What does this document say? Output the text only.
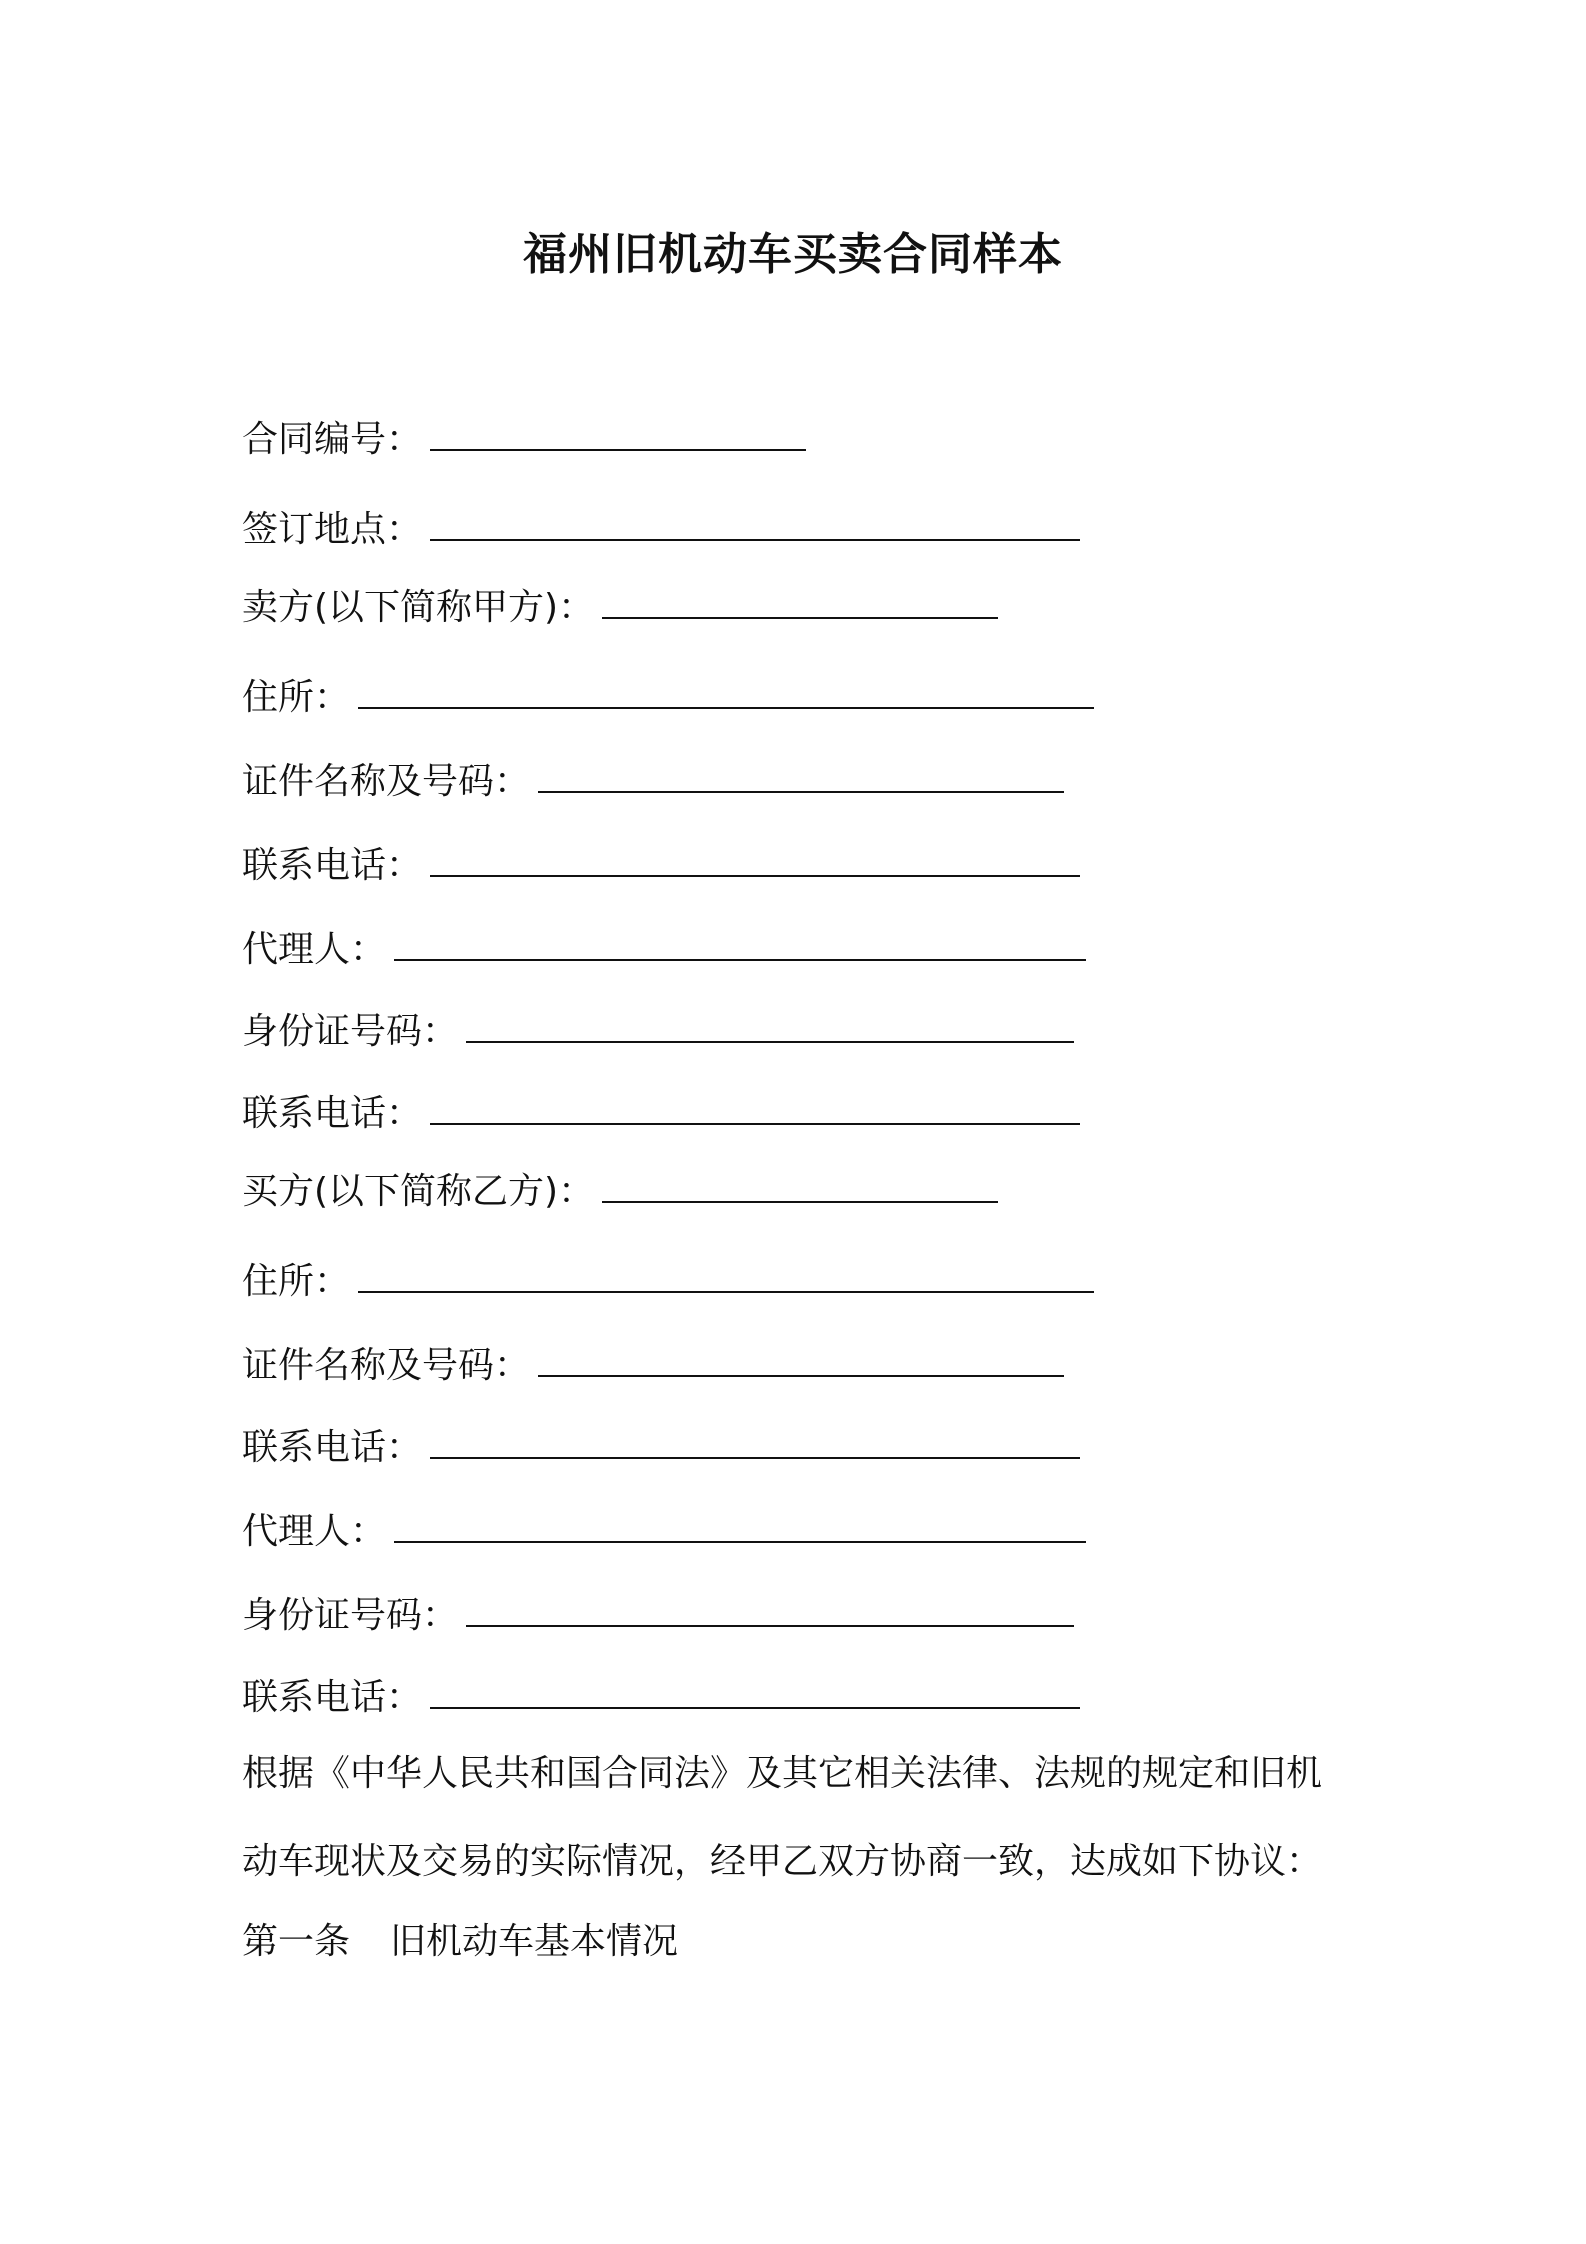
福州旧机动车买卖合同样本
合同编号：
签订地点：
卖方(以下简称甲方)：
住所：
证件名称及号码：
联系电话：
代理人：
身份证号码：
联系电话：
买方(以下简称乙方)：
住所：
证件名称及号码：
联系电话：
代理人：
身份证号码：
联系电话：
根据《中华人民共和国合同法》及其它相关法律、法规的规定和旧机
动车现状及交易的实际情况，经甲乙双方协商一致，达成如下协议：
第一条 旧机动车基本情况
